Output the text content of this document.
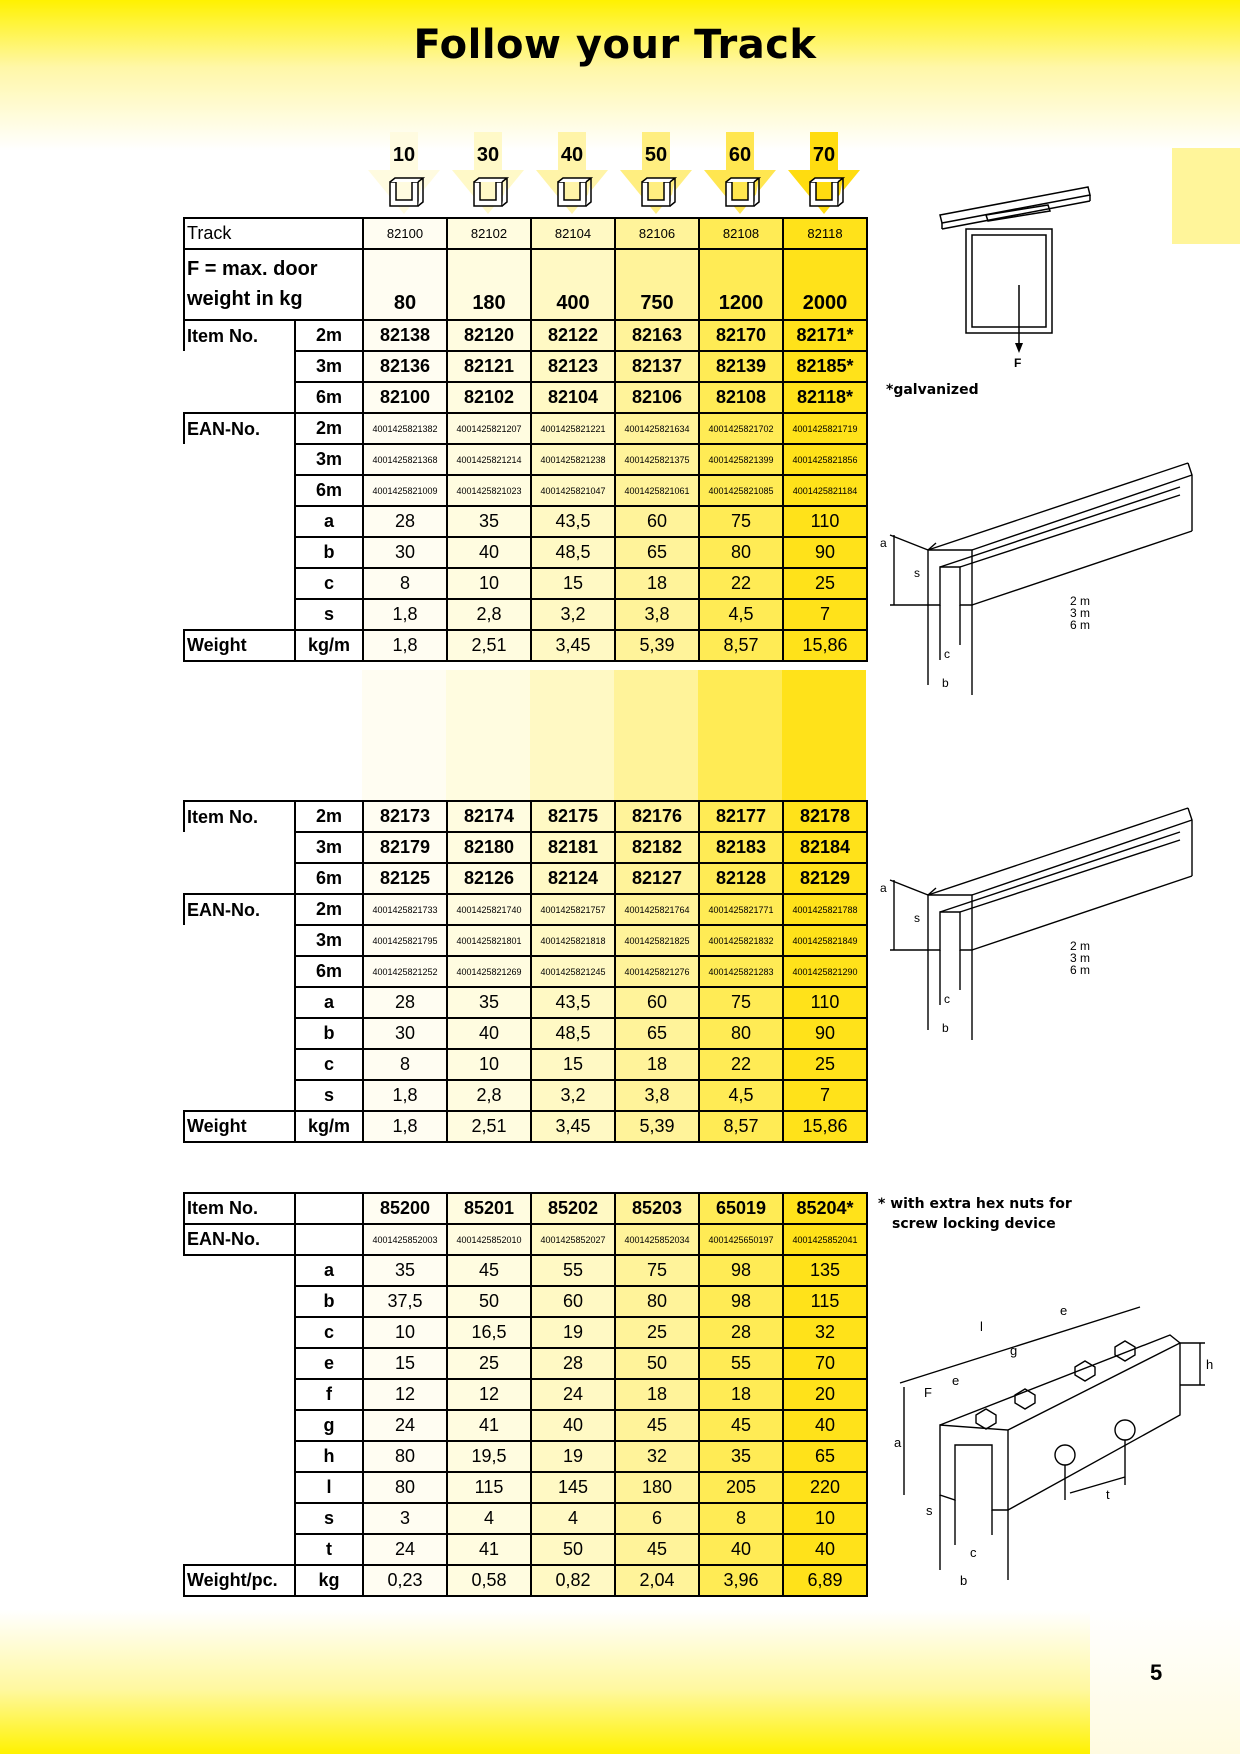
Follow your Track
10	30	40	50	60	70
Track		82100	82102	82104	82106	82108	82118

F = max. door
weight in kg		80	180	400	750	1200	2000
Item No.	2m	82138	82120	82122	82163	82170	82171*
	3m	82136	82121	82123	82137	82139	82185*
	6m	82100	82102	82104	82106	82108	82118*
EAN-No.	2m	4001425821382	4001425821207	4001425821221	4001425821634	4001425821702	4001425821719
	3m	4001425821368	4001425821214	4001425821238	4001425821375	4001425821399	4001425821856
	6m	4001425821009	4001425821023	4001425821047	4001425821061	4001425821085	4001425821184
	a	28	35	43,5	60	75	110
	b	30	40	48,5	65	80	90
	c	8	10	15	18	22	25
	s	1,8	2,8	3,2	3,8	4,5	7
Weight	kg/m	1,8	2,51	3,45	5,39	8,57	15,86
Item No.	2m	82173	82174	82175	82176	82177	82178
	3m	82179	82180	82181	82182	82183	82184
	6m	82125	82126	82124	82127	82128	82129
EAN-No.	2m	4001425821733	4001425821740	4001425821757	4001425821764	4001425821771	4001425821788
	3m	4001425821795	4001425821801	4001425821818	4001425821825	4001425821832	4001425821849
	6m	4001425821252	4001425821269	4001425821245	4001425821276	4001425821283	4001425821290
	a	28	35	43,5	60	75	110
	b	30	40	48,5	65	80	90
	c	8	10	15	18	22	25
	s	1,8	2,8	3,2	3,8	4,5	7
Weight	kg/m	1,8	2,51	3,45	5,39	8,57	15,86
Item No.		85200	85201	85202	85203	65019	85204*
EAN-No.		4001425852003	4001425852010	4001425852027	4001425852034	4001425650197	4001425852041
	a	35	45	55	75	98	135
	b	37,5	50	60	80	98	115
	c	10	16,5	19	25	28	32
	e	15	25	28	50	55	70
	f	12	12	24	18	18	20
	g	24	41	40	45	45	40
	h	80	19,5	19	32	35	65
	l	80	115	145	180	205	220
	s	3	4	4	6	8	10
	t	24	41	50	45	40	40
Weight/pc.	kg	0,23	0,58	0,82	2,04	3,96	6,89
*galvanized
* with extra hex nuts for
screw locking device
F
a
s
c
b
2 m
3 m
6 m
a
s
c
b
2 m
3 m
6 m
a
F
e
g
l
e
h
t
s
c
b
5
